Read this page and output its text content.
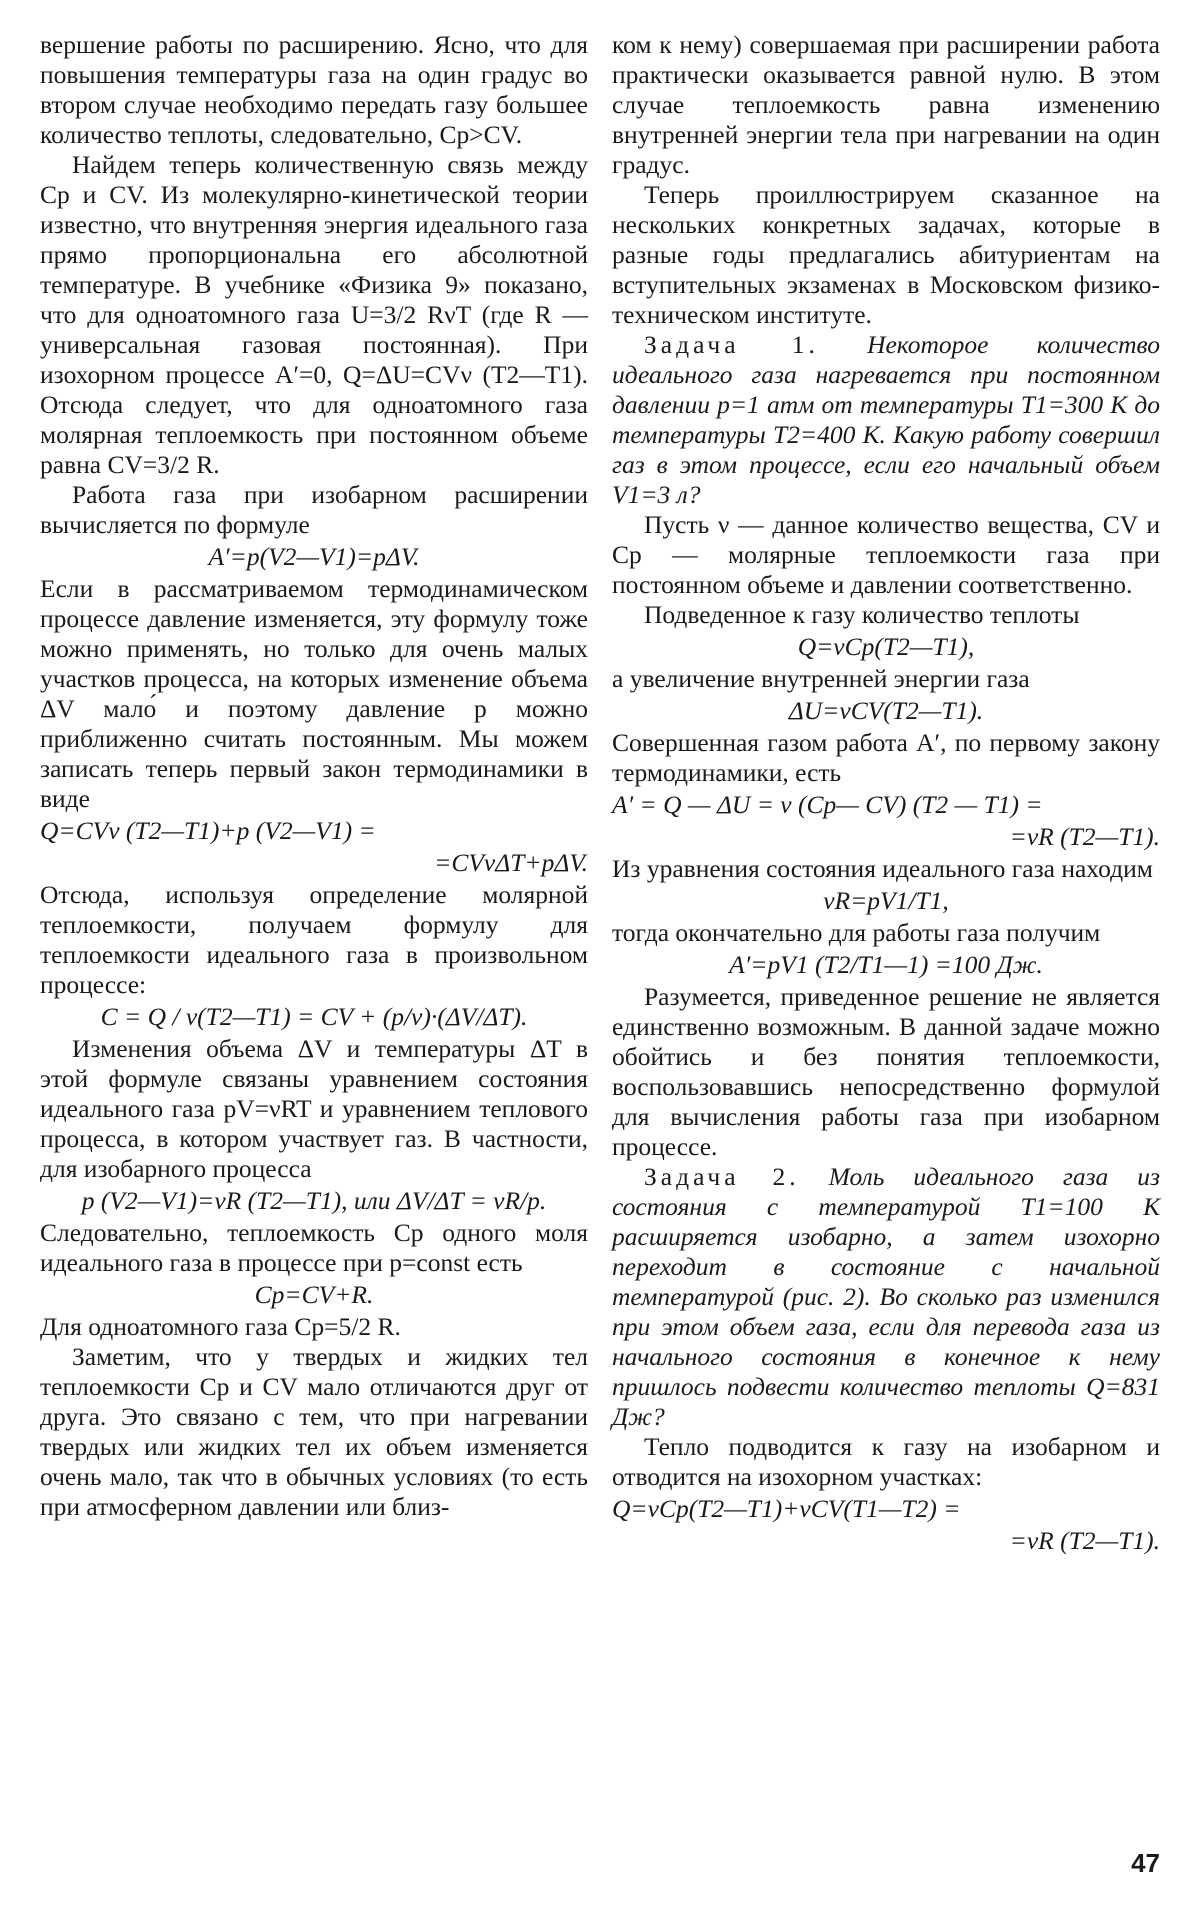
вершение работы по расширению. Ясно, что для повышения температуры газа на один градус во втором случае необходимо передать газу большее количество теплоты, следовательно, Cp>CV.

Найдем теперь количественную связь между Cp и CV. Из молекулярно-кинетической теории известно, что внутренняя энергия идеального газа прямо пропорциональна его абсолютной температуре. В учебнике «Физика 9» показано, что для одноатомного газа U=3/2 RνT (где R — универсальная газовая постоянная). При изохорном процессе A′=0, Q=ΔU=CVν (T2—T1). Отсюда следует, что для одноатомного газа молярная теплоемкость при постоянном объеме равна CV=3/2 R.

Работа газа при изобарном расширении вычисляется по формуле

A′=p(V2—V1)=pΔV.

Если в рассматриваемом термодинамическом процессе давление изменяется, эту формулу тоже можно применять, но только для очень малых участков процесса, на которых изменение объема ΔV мало́ и поэтому давление p можно приближенно считать постоянным. Мы можем записать теперь первый закон термодинамики в виде

Q=CVν (T2—T1)+p (V2—V1) =
=CVνΔT+pΔV.

Отсюда, используя определение молярной теплоемкости, получаем формулу для теплоемкости идеального газа в произвольном процессе:

C = Q / ν(T2—T1) = CV + (p/ν)·(ΔV/ΔT).

Изменения объема ΔV и температуры ΔT в этой формуле связаны уравнением состояния идеального газа pV=νRT и уравнением теплового процесса, в котором участвует газ. В частности, для изобарного процесса

p (V2—V1)=νR (T2—T1), или ΔV/ΔT = νR/p.

Следовательно, теплоемкость Cp одного моля идеального газа в процессе при p=const есть

Cp=CV+R.

Для одноатомного газа Cp=5/2 R.

Заметим, что у твердых и жидких тел теплоемкости Cp и CV мало отличаются друг от друга. Это связано с тем, что при нагревании твердых или жидких тел их объем изменяется очень мало, так что в обычных условиях (то есть при атмосферном давлении или близ-

ком к нему) совершаемая при расширении работа практически оказывается равной нулю. В этом случае теплоемкость равна изменению внутренней энергии тела при нагревании на один градус.

Теперь проиллюстрируем сказанное на нескольких конкретных задачах, которые в разные годы предлагались абитуриентам на вступительных экзаменах в Московском физико-техническом институте.

Задача 1. Некоторое количество идеального газа нагревается при постоянном давлении p=1 атм от температуры T1=300 К до температуры T2=400 К. Какую работу совершил газ в этом процессе, если его начальный объем V1=3 л?

Пусть ν — данное количество вещества, CV и Cp — молярные теплоемкости газа при постоянном объеме и давлении соответственно.

Подведенное к газу количество теплоты

Q=νCp(T2—T1),

а увеличение внутренней энергии газа

ΔU=νCV(T2—T1).

Совершенная газом работа A′, по первому закону термодинамики, есть

A′ = Q — ΔU = ν (Cp— CV) (T2 — T1) =
=νR (T2—T1).

Из уравнения состояния идеального газа находим

νR=pV1/T1,

тогда окончательно для работы газа получим

A′=pV1 (T2/T1—1) =100 Дж.

Разумеется, приведенное решение не является единственно возможным. В данной задаче можно обойтись и без понятия теплоемкости, воспользовавшись непосредственно формулой для вычисления работы газа при изобарном процессе.

Задача 2. Моль идеального газа из состояния с температурой T1=100 К расширяется изобарно, а затем изохорно переходит в состояние с начальной температурой (рис. 2). Во сколько раз изменился при этом объем газа, если для перевода газа из начального состояния в конечное к нему пришлось подвести количество теплоты Q=831 Дж?

Тепло подводится к газу на изобарном и отводится на изохорном участках:

Q=νCp(T2—T1)+νCV(T1—T2) =
=νR (T2—T1).
47
